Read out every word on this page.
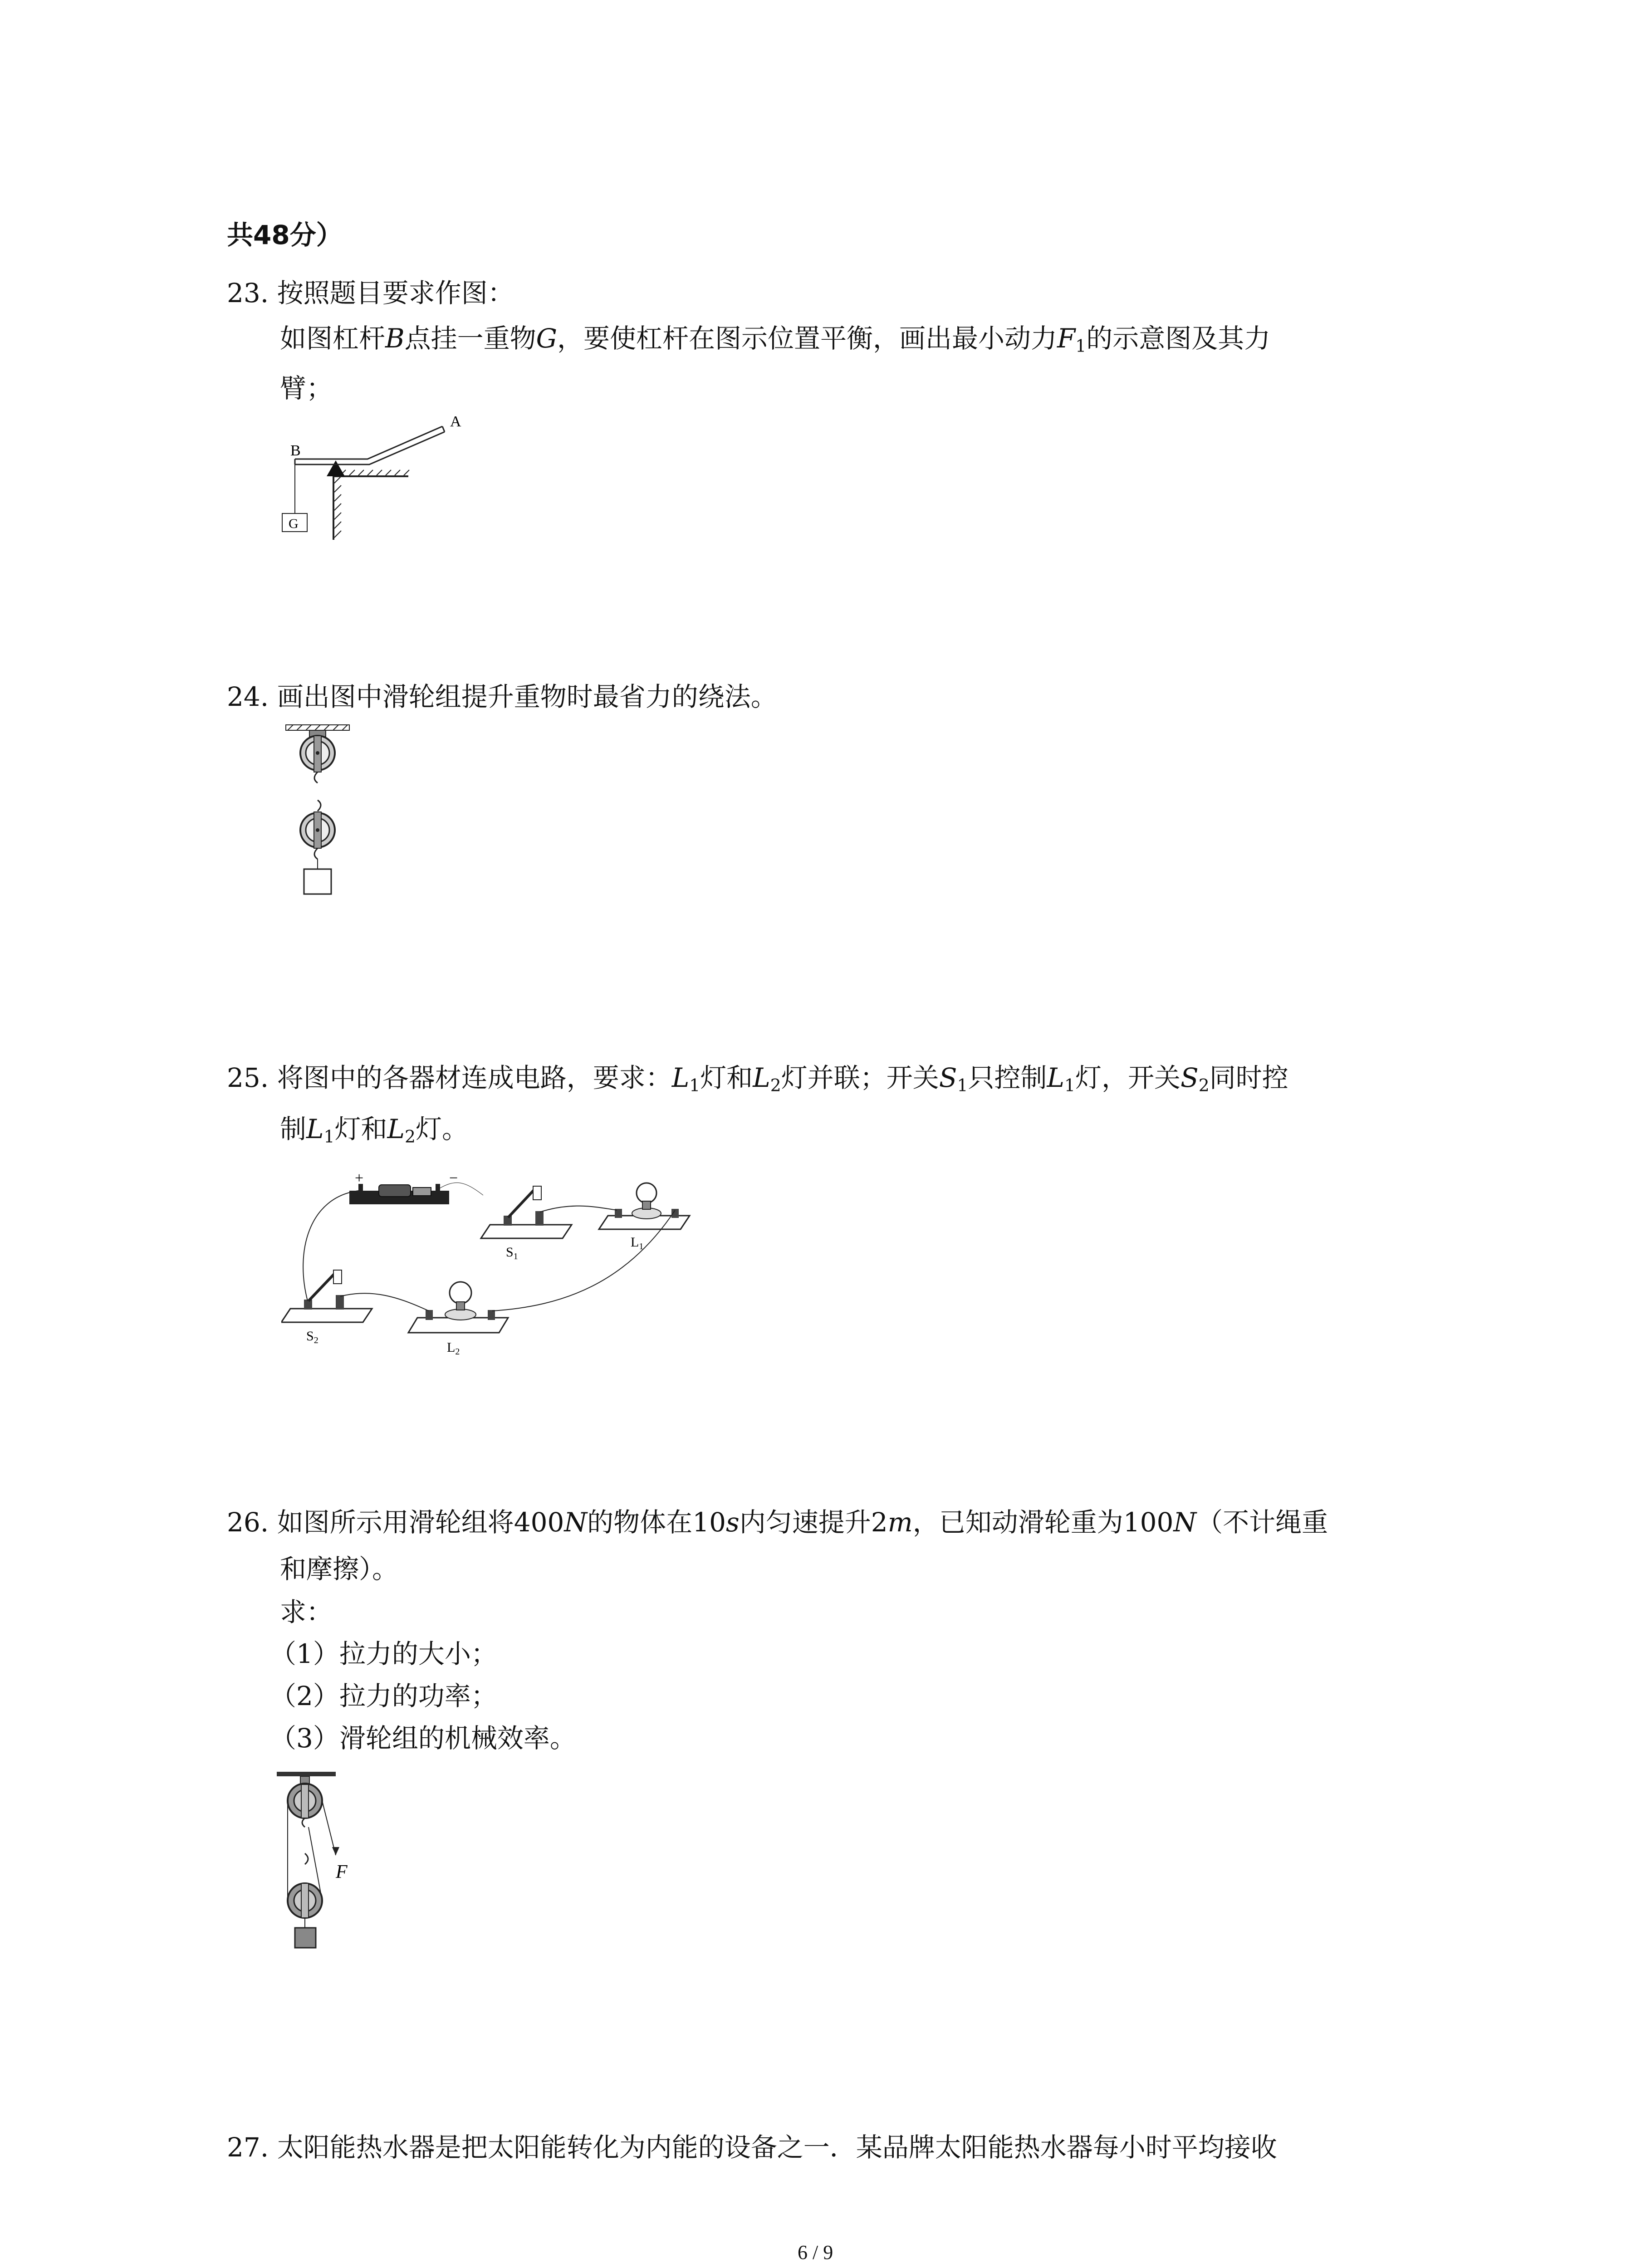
共48分）
23. 按照题目要求作图：
如图杠杆B点挂一重物G，要使杠杆在图示位置平衡，画出最小动力$F_1$的示意图及其力
臂；
G
B
A
24. 画出图中滑轮组提升重物时最省力的绕法。
25. 将图中的各器材连成电路，要求：$L_1$灯和$L_2$灯并联；开关$S_1$只控制$L_1$灯，开关$S_2$同时控
制$L_1$灯和$L_2$灯。
+	−
$S_1$
$L_1$
$S_2$	$L_2$
26. 如图所示用滑轮组将400N的物体在10s内匀速提升2m，已知动滑轮重为100N（不计绳重
和摩擦）。
求：
（1）拉力的大小；
（2）拉力的功率；
（3）滑轮组的机械效率。
F
27. 太阳能热水器是把太阳能转化为内能的设备之一．某品牌太阳能热水器每小时平均接收
6 / 9
